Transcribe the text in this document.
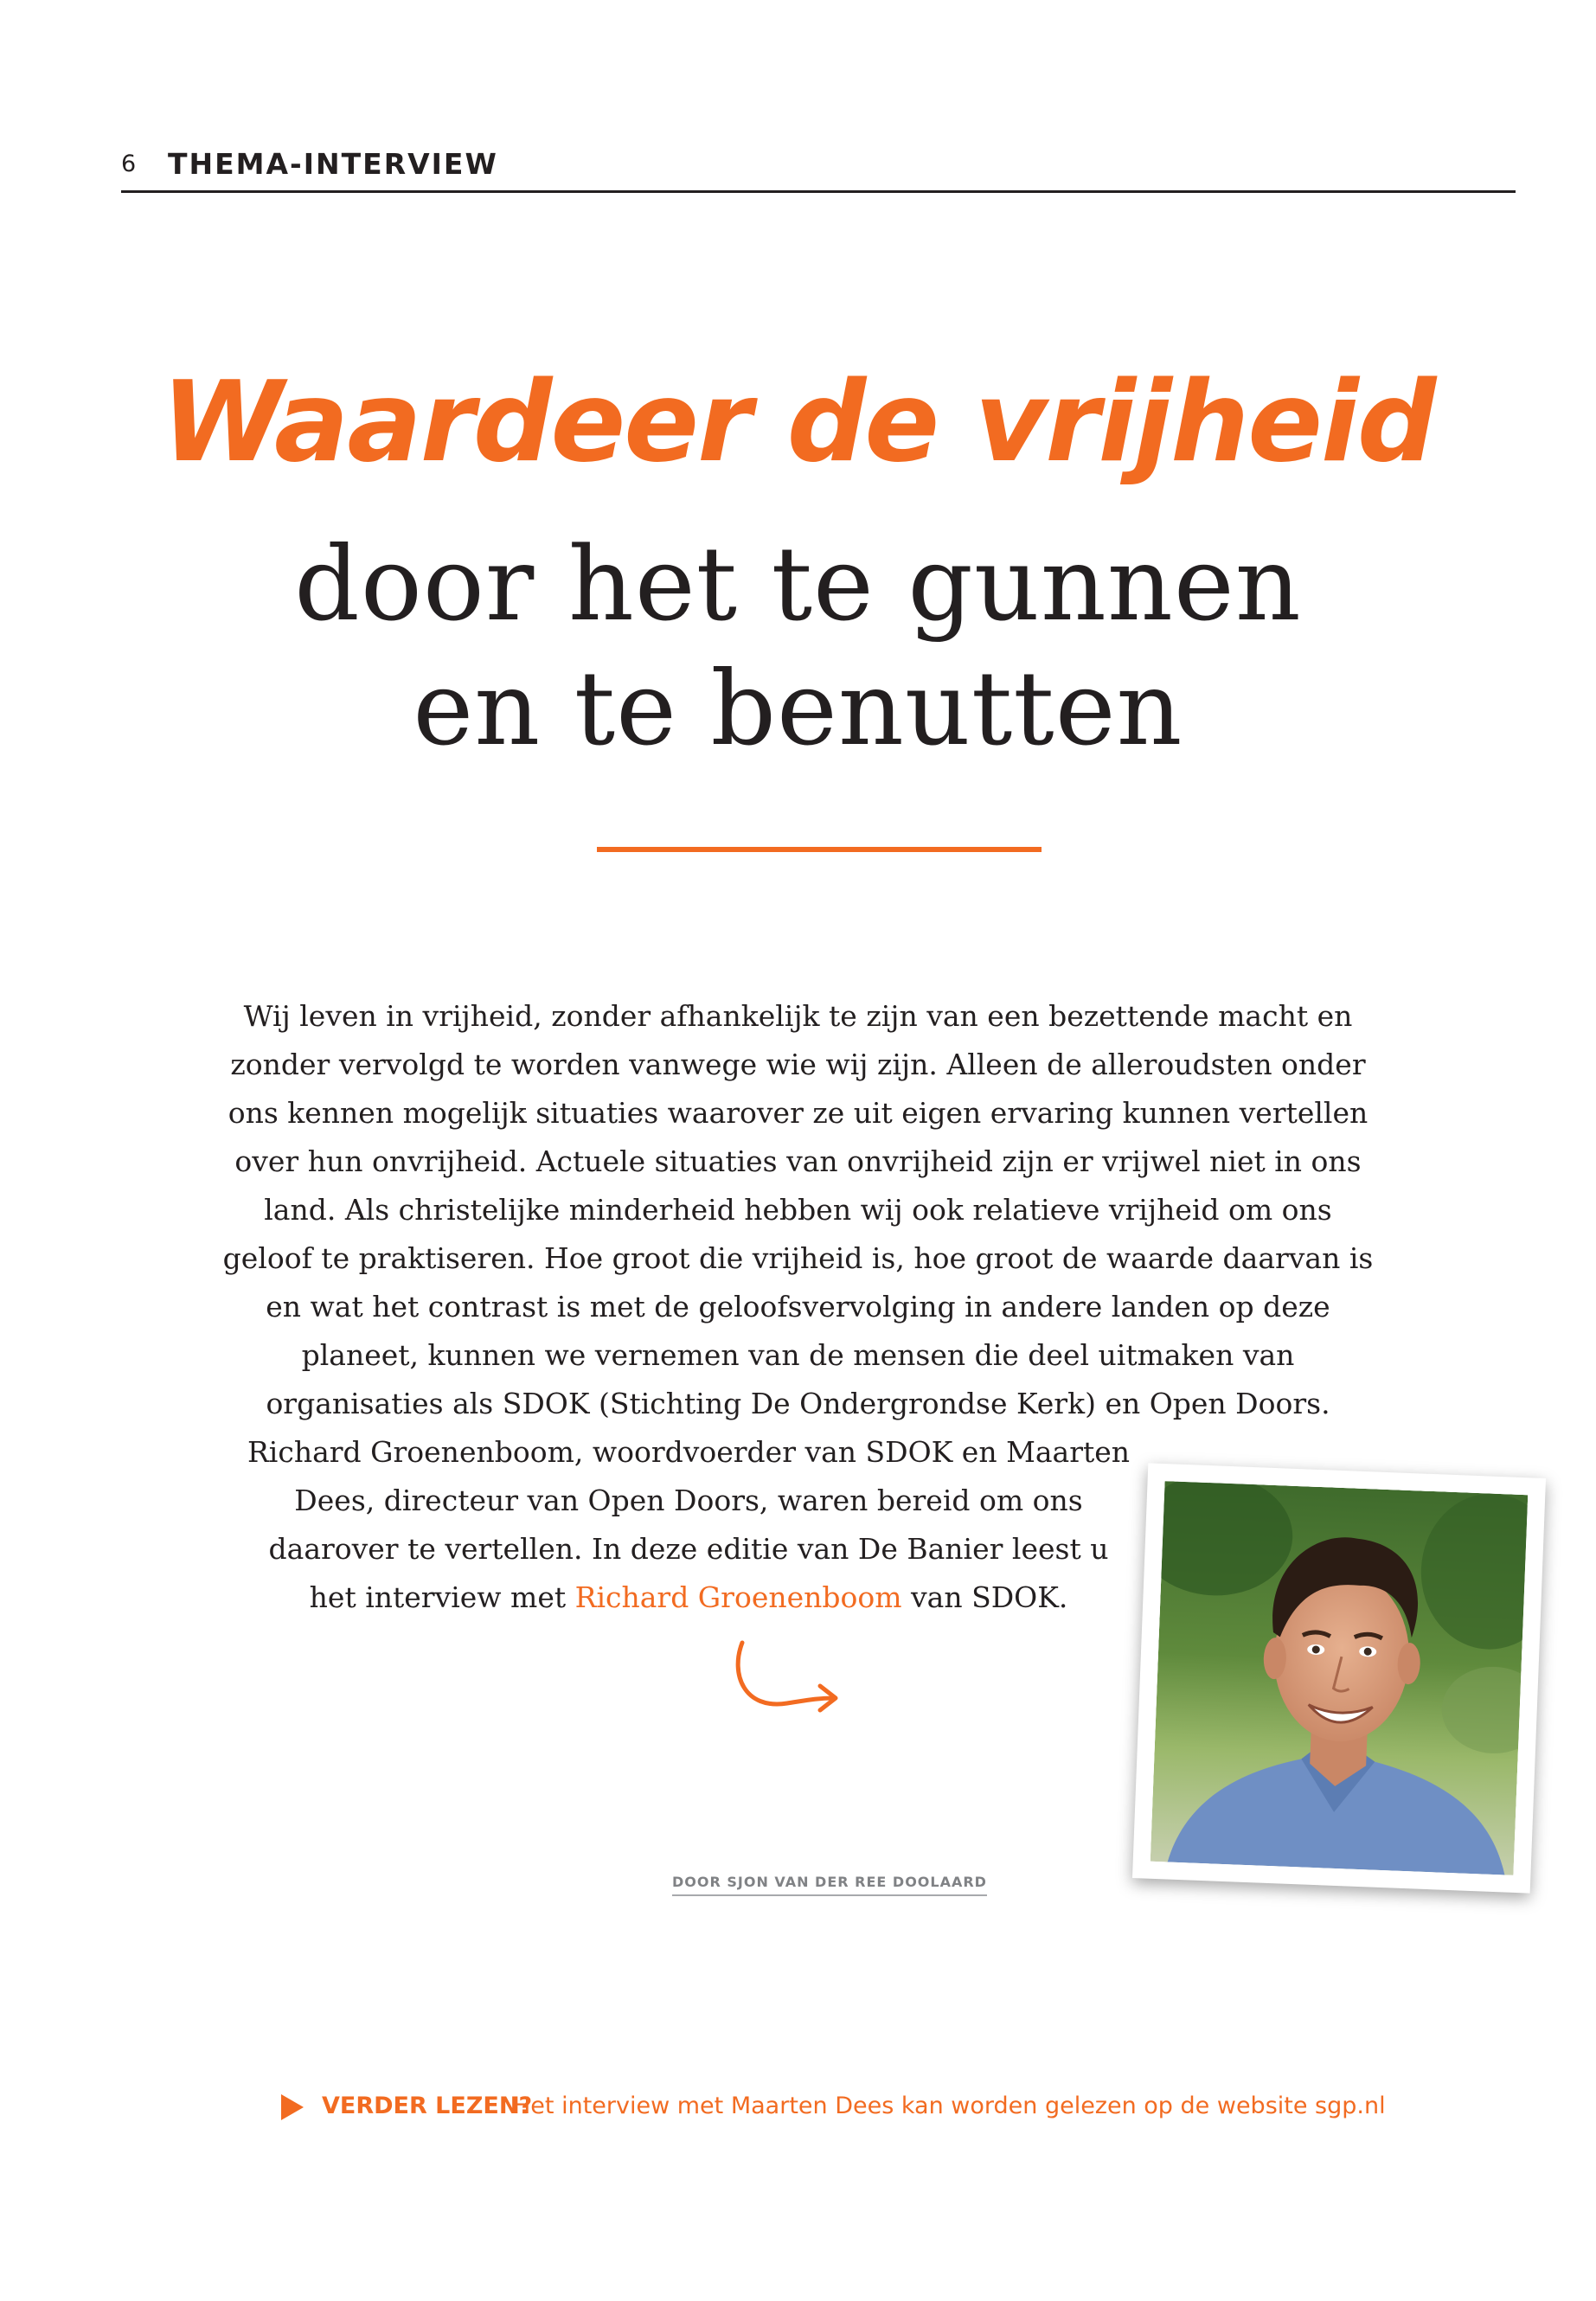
6 THEMA-INTERVIEW
Waardeer de vrijheid
door het te gunnen
en te benutten
Wij leven in vrijheid, zonder afhankelijk te zijn van een bezettende macht en
zonder vervolgd te worden vanwege wie wij zijn. Alleen de alleroudsten onder
ons kennen mogelijk situaties waarover ze uit eigen ervaring kunnen vertellen
over hun onvrijheid. Actuele situaties van onvrijheid zijn er vrijwel niet in ons
land. Als christelijke minderheid hebben wij ook relatieve vrijheid om ons
geloof te praktiseren. Hoe groot die vrijheid is, hoe groot de waarde daarvan is
en wat het contrast is met de geloofsvervolging in andere landen op deze
planeet, kunnen we vernemen van de mensen die deel uitmaken van
organisaties als SDOK (Stichting De Ondergrondse Kerk) en Open Doors.
Richard Groenenboom, woordvoerder van SDOK en Maarten
Dees, directeur van Open Doors, waren bereid om ons
daarover te vertellen. In deze editie van De Banier leest u
het interview met Richard Groenenboom van SDOK.
DOOR SJON VAN DER REE DOOLAARD
VERDER LEZEN?
Het interview met Maarten Dees kan worden gelezen op de website sgp.nl
